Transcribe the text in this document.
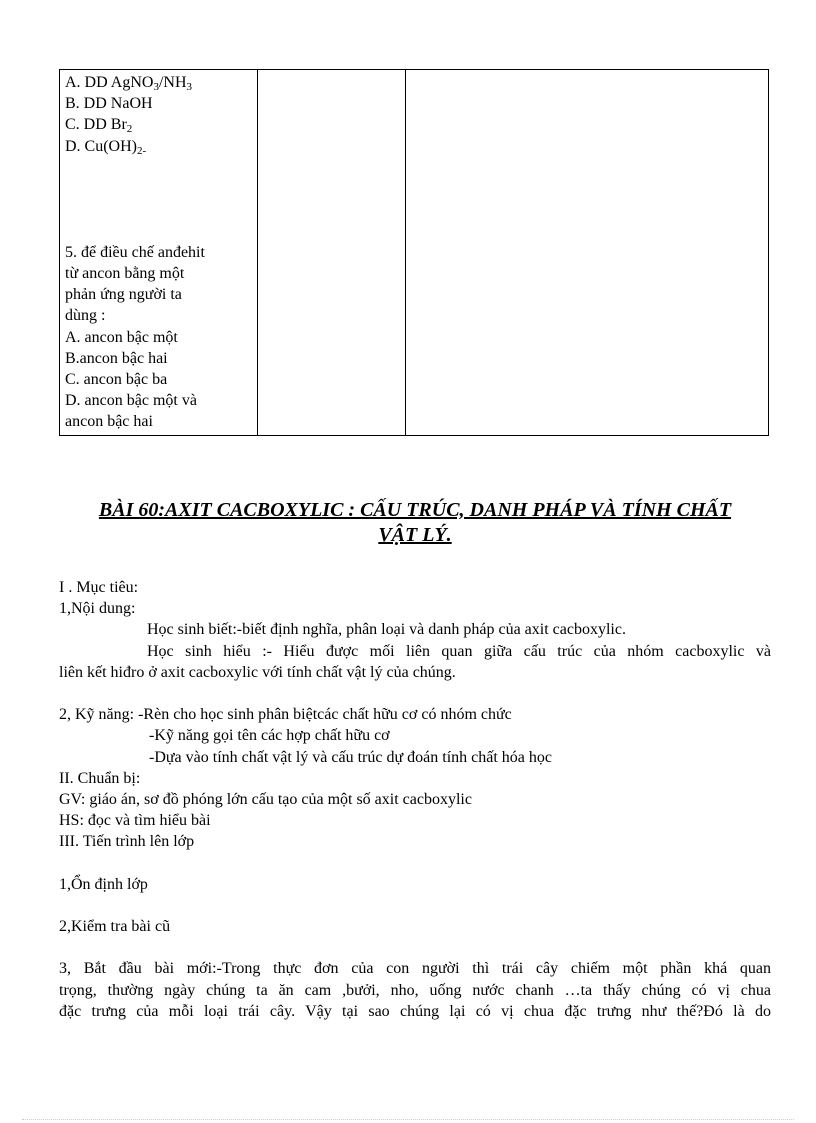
A. DD $AgNO_3/NH_3$
B. DD NaOH
C. DD $Br_2$
D. $Cu(OH)_{2-}$
5. để điều chế anđehit
từ ancon bằng một
phản ứng người ta
dùng :
A. ancon bậc một
B.ancon bậc hai
C. ancon bậc ba
D. ancon bậc một và
ancon bậc hai

BÀI 60:AXIT CACBOXYLIC : CẤU TRÚC, DANH PHÁP VÀ TÍNH CHẤT
VẬT LÝ.
I . Mục tiêu:
1,Nội dung:
Học sinh biết:-biết định nghĩa, phân loại và danh pháp của axit cacboxylic.
Học sinh hiểu :- Hiểu được mối liên quan giữa cấu trúc của nhóm cacboxylic và
liên kết hiđro ở axit cacboxylic với tính chất vật lý của chúng.
2, Kỹ năng: -Rèn cho học sinh phân biệtcác chất hữu cơ có nhóm chức
-Kỹ năng gọi tên các hợp chất hữu cơ
-Dựa vào tính chất vật lý và cấu trúc dự đoán tính chất hóa học
II. Chuẩn bị:
GV: giáo án, sơ đồ phóng lớn cấu tạo của một số axit cacboxylic
HS: đọc và tìm hiểu bài
III. Tiến trình lên lớp
1,Ổn định lớp
2,Kiểm tra bài cũ
3, Bắt đầu bài mới:-Trong thực đơn của con người thì trái cây chiếm một phần khá quan
trọng, thường ngày chúng ta ăn cam ,bưởi, nho, uống nước chanh …ta thấy chúng có vị chua
đặc trưng của mỗi loại trái cây. Vậy tại sao chúng lại có vị chua đặc trưng như thế?Đó là do
